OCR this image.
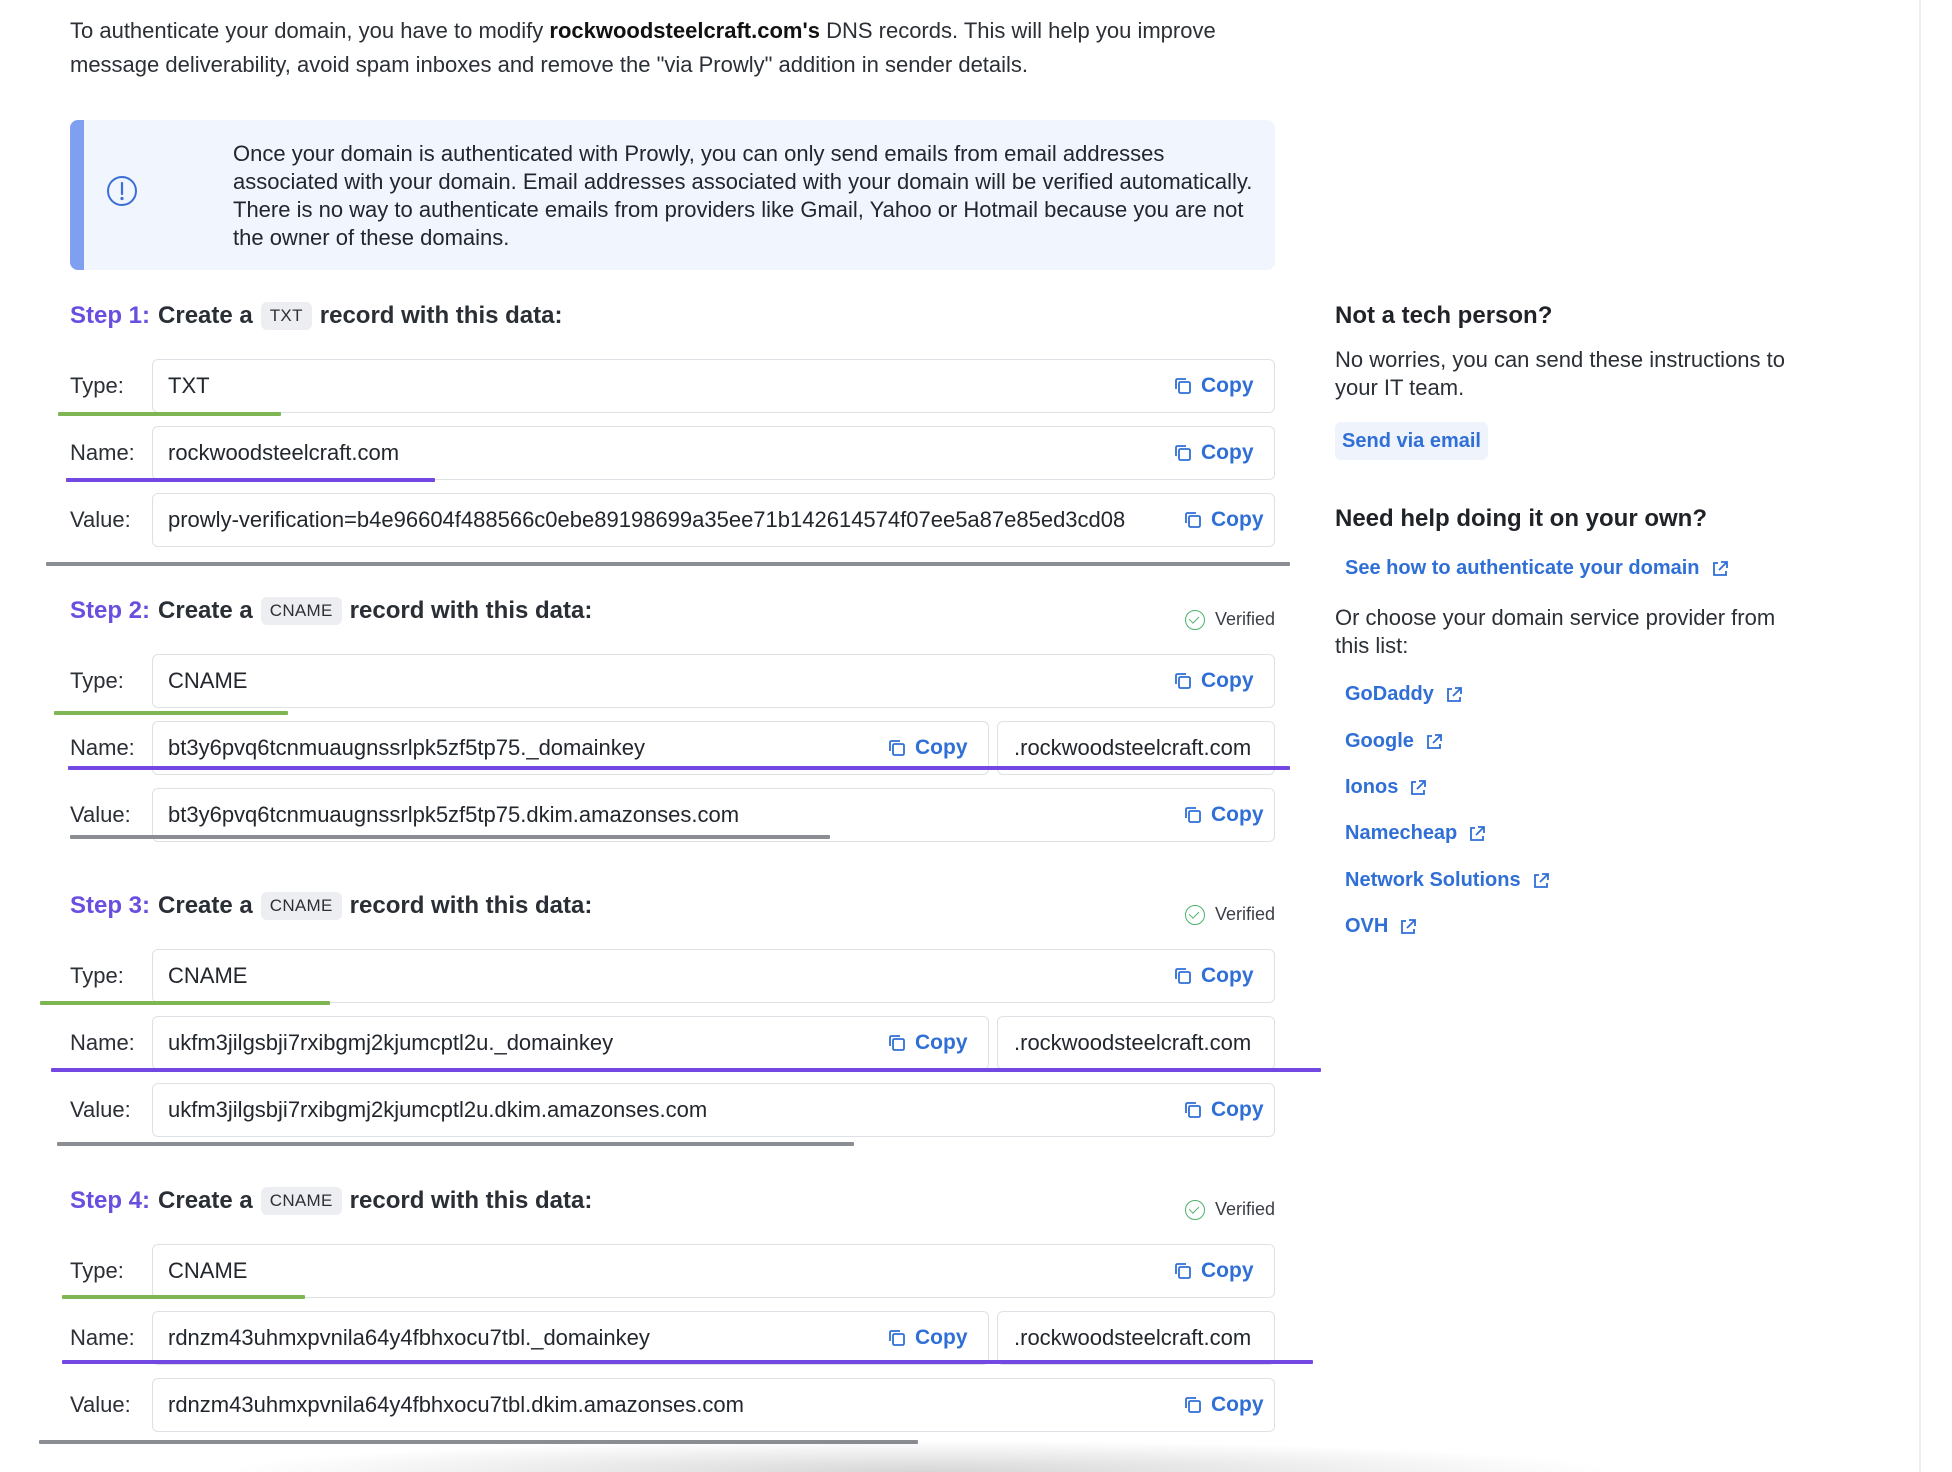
To authenticate your domain, you have to modify rockwoodsteelcraft.com's DNS records. This will help you improve message deliverability, avoid spam inboxes and remove the "via Prowly" addition in sender details.
Once your domain is authenticated with Prowly, you can only send emails from email addresses associated with your domain. Email addresses associated with your domain will be verified automatically. There is no way to authenticate emails from providers like Gmail, Yahoo or Hotmail because you are not the owner of these domains.
Step 1: Create a	TXT record with this data:
Type:	TXT	Copy
Name:	rockwoodsteelcraft.com	Copy
Value:	prowly-verification=b4e96604f488566c0ebe89198699a35ee71b142614574f07ee5a87e85ed3cd08	Copy
Step 2: Create a	CNAME record with this data:	Verified
Type:	CNAME	Copy
Name:	bt3y6pvq6tcnmuaugnssrlpk5zf5tp75._domainkey	Copy	.rockwoodsteelcraft.com
Value:	bt3y6pvq6tcnmuaugnssrlpk5zf5tp75.dkim.amazonses.com	Copy
Step 3: Create a	CNAME record with this data:	Verified
Type:	CNAME	Copy
Name:	ukfm3jilgsbji7rxibgmj2kjumcptl2u._domainkey	Copy	.rockwoodsteelcraft.com
Value:	ukfm3jilgsbji7rxibgmj2kjumcptl2u.dkim.amazonses.com	Copy
Step 4: Create a	CNAME record with this data:	Verified
Type:	CNAME	Copy
Name:	rdnzm43uhmxpvnila64y4fbhxocu7tbl._domainkey	Copy	.rockwoodsteelcraft.com
Value:	rdnzm43uhmxpvnila64y4fbhxocu7tbl.dkim.amazonses.com	Copy
Not a tech person?

No worries, you can send these instructions to your IT team.

Send via email
Need help doing it on your own?
See how to authenticate your domain

Or choose your domain service provider from this list:

GoDaddy
Google
Ionos
Namecheap
Network Solutions
OVH
